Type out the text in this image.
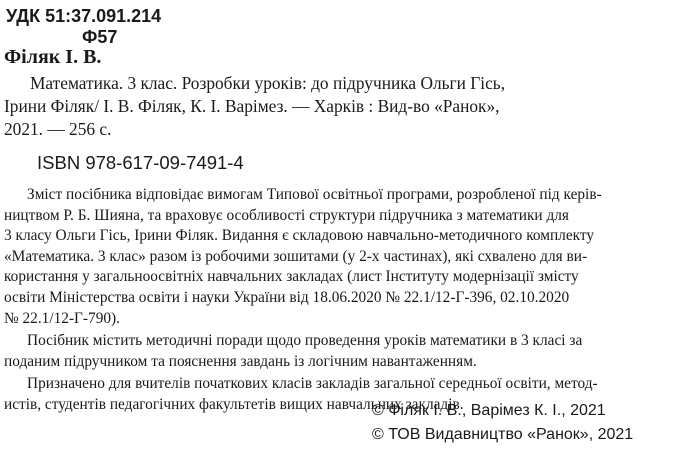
УДК 51:37.091.214
Ф57
Філяк І. В.
Математика. 3 клас. Розробки уроків: до підручника Ольги Гісь,
Ірини Філяк/ І. В. Філяк, К. І. Варімез. — Харків : Вид-во «Ранок»,
2021. — 256 с.
ISBN 978-617-09-7491-4
Зміст посібника відповідає вимогам Типової освітньої програми, розробленої під керів-
ництвом Р. Б. Шияна, та враховує особливості структури підручника з математики для
3 класу Ольги Гісь, Ірини Філяк. Видання є складовою навчально-методичного комплекту
«Математика. 3 клас» разом із робочими зошитами (у 2-х частинах), які схвалено для ви-
користання у загальноосвітніх навчальних закладах (лист Інституту модернізації змісту
освіти Міністерства освіти і науки України від 18.06.2020 № 22.1/12-Г-396, 02.10.2020
№ 22.1/12-Г-790).
Посібник містить методичні поради щодо проведення уроків математики в 3 класі за
поданим підручником та пояснення завдань із логічним навантаженням.
Призначено для вчителів початкових класів закладів загальної середньої освіти, метод-
истів, студентів педагогічних факультетів вищих навчальних закладів.
© Філяк І. В., Варімез К. І., 2021
© ТОВ Видавництво «Ранок», 2021
